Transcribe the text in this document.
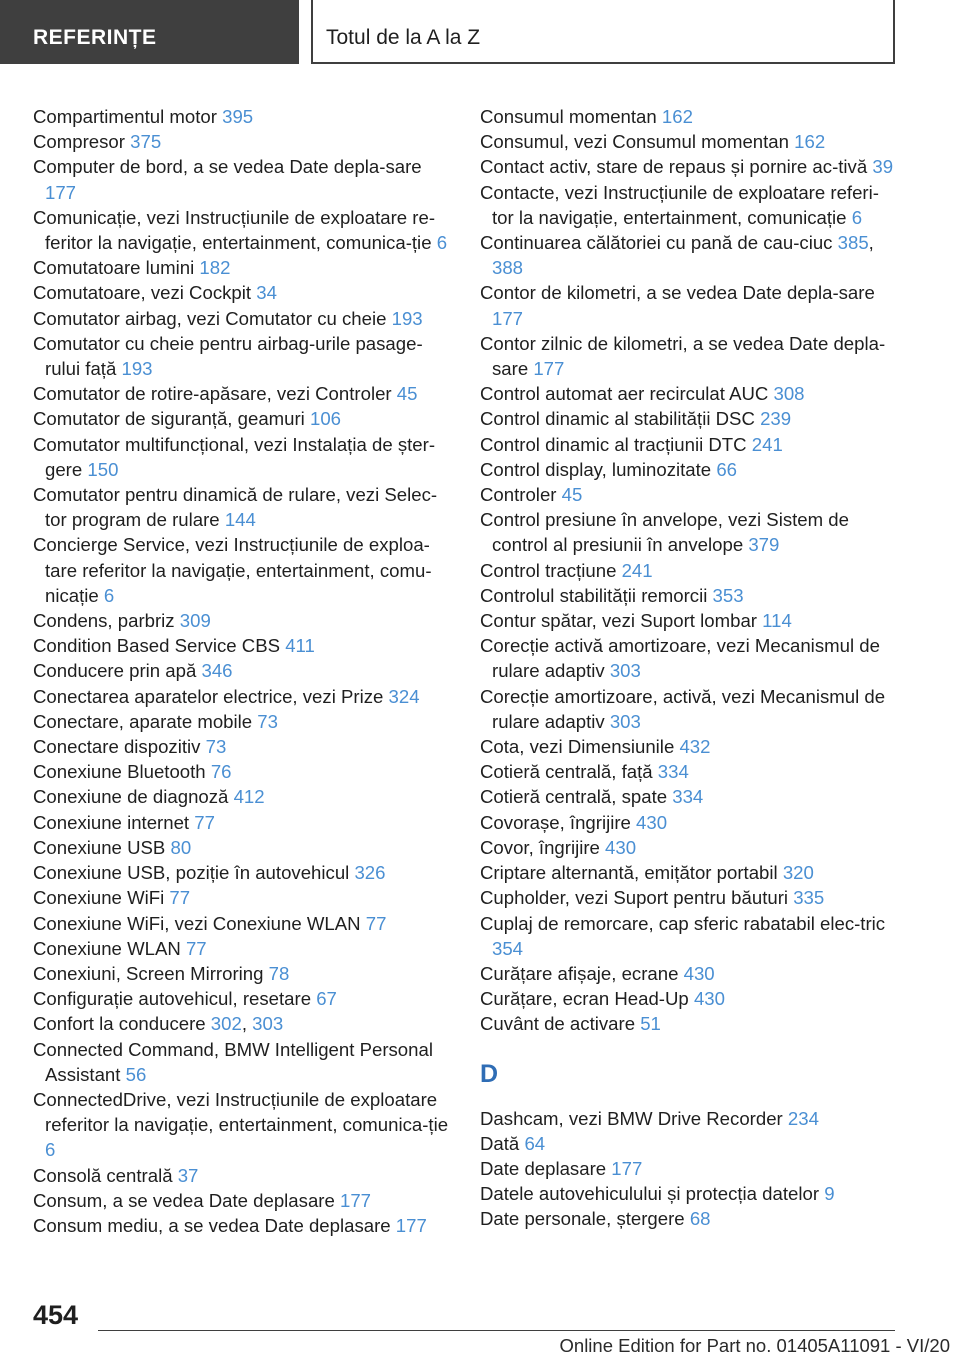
REFERINȚE	Totul de la A la Z

Compartimentul motor 395

Compresor 375

Computer de bord, a se vedea Date depla-sare 177

Comunicație, vezi Instrucțiunile de exploatare re-feritor la navigație, entertainment, comunica-ție 6

Comutatoare lumini 182

Comutatoare, vezi Cockpit 34

Comutator airbag, vezi Comutator cu cheie 193

Comutator cu cheie pentru airbag-urile pasage-rului față 193

Comutator de rotire-apăsare, vezi Controler 45

Comutator de siguranță, geamuri 106

Comutator multifuncțional, vezi Instalația de șter-gere 150

Comutator pentru dinamică de rulare, vezi Selec-tor program de rulare 144

Concierge Service, vezi Instrucțiunile de exploa-tare referitor la navigație, entertainment, comu-nicație 6

Condens, parbriz 309

Condition Based Service CBS 411

Conducere prin apă 346

Conectarea aparatelor electrice, vezi Prize 324

Conectare, aparate mobile 73

Conectare dispozitiv 73

Conexiune Bluetooth 76

Conexiune de diagnoză 412

Conexiune internet 77

Conexiune USB 80

Conexiune USB, poziție în autovehicul 326

Conexiune WiFi 77

Conexiune WiFi, vezi Conexiune WLAN 77

Conexiune WLAN 77

Conexiuni, Screen Mirroring 78

Configurație autovehicul, resetare 67

Confort la conducere 302, 303

Connected Command, BMW Intelligent Personal Assistant 56

ConnectedDrive, vezi Instrucțiunile de exploatare referitor la navigație, entertainment, comunica-ție 6

Consolă centrală 37

Consum, a se vedea Date deplasare 177

Consum mediu, a se vedea Date deplasare 177

Consumul momentan 162

Consumul, vezi Consumul momentan 162

Contact activ, stare de repaus și pornire ac-tivă 39

Contacte, vezi Instrucțiunile de exploatare referi-tor la navigație, entertainment, comunicație 6

Continuarea călătoriei cu pană de cau-ciuc 385, 388

Contor de kilometri, a se vedea Date depla-sare 177

Contor zilnic de kilometri, a se vedea Date depla-sare 177

Control automat aer recirculat AUC 308

Control dinamic al stabilității DSC 239

Control dinamic al tracțiunii DTC 241

Control display, luminozitate 66

Controler 45

Control presiune în anvelope, vezi Sistem de control al presiunii în anvelope 379

Control tracțiune 241

Controlul stabilității remorcii 353

Contur spătar, vezi Suport lombar 114

Corecție activă amortizoare, vezi Mecanismul de rulare adaptiv 303

Corecție amortizoare, activă, vezi Mecanismul de rulare adaptiv 303

Cota, vezi Dimensiunile 432

Cotieră centrală, față 334

Cotieră centrală, spate 334

Covorașe, îngrijire 430

Covor, îngrijire 430

Criptare alternantă, emițător portabil 320

Cupholder, vezi Suport pentru băuturi 335

Cuplaj de remorcare, cap sferic rabatabil elec-tric 354

Curățare afișaje, ecrane 430

Curățare, ecran Head-Up 430

Cuvânt de activare 51

D

Dashcam, vezi BMW Drive Recorder 234

Dată 64

Date deplasare 177

Datele autovehiculului și protecția datelor 9

Date personale, ștergere 68

454
Online Edition for Part no. 01405A11091 - VI/20
